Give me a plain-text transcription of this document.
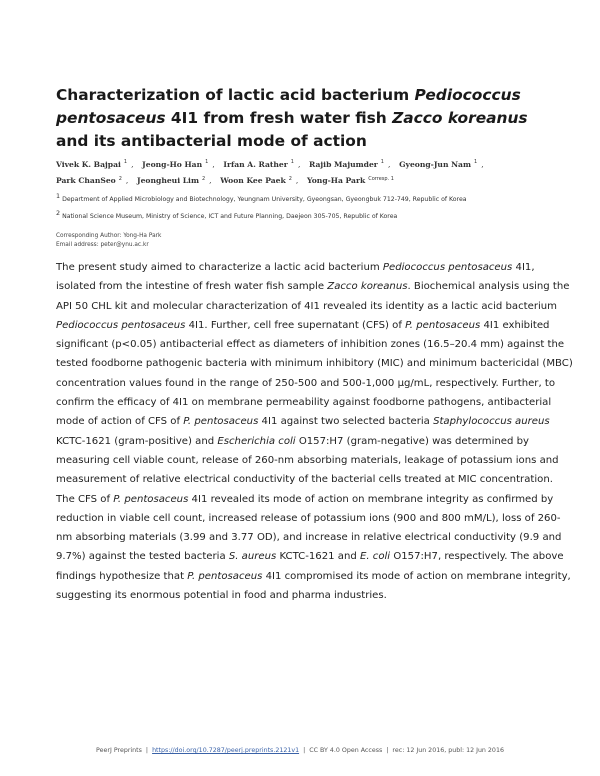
Characterization of lactic acid bacterium Pediococcus pentosaceus 4I1 from fresh water fish Zacco koreanus and its antibacterial mode of action
Vivek K. Bajpai $^1$ , Jeong-Ho Han $^1$ , Irfan A. Rather $^1$ , Rajib Majumder $^1$ , Gyeong-Jun Nam $^1$ , Park ChanSeo $^2$ , Jeongheui Lim $^2$ , Woon Kee Paek $^2$ , Yong-Ha Park $^{Corresp. 1}$
1 Department of Applied Microbiology and Biotechnology, Yeungnam University, Gyeongsan, Gyeongbuk 712-749, Republic of Korea
2 National Science Museum, Ministry of Science, ICT and Future Planning, Daejeon 305-705, Republic of Korea
Corresponding Author: Yong-Ha Park
Email address: peter@ynu.ac.kr

The present study aimed to characterize a lactic acid bacterium Pediococcus pentosaceus 4I1, isolated from the intestine of fresh water fish sample Zacco koreanus. Biochemical analysis using the API 50 CHL kit and molecular characterization of 4I1 revealed its identity as a lactic acid bacterium Pediococcus pentosaceus 4I1. Further, cell free supernatant (CFS) of P. pentosaceus 4I1 exhibited significant (p<0.05) antibacterial effect as diameters of inhibition zones (16.5–20.4 mm) against the tested foodborne pathogenic bacteria with minimum inhibitory (MIC) and minimum bactericidal (MBC) concentration values found in the range of 250-500 and 500-1,000 µg/mL, respectively. Further, to confirm the efficacy of 4I1 on membrane permeability against foodborne pathogens, antibacterial mode of action of CFS of P. pentosaceus 4I1 against two selected bacteria Staphylococcus aureus KCTC-1621 (gram-positive) and Escherichia coli O157:H7 (gram-negative) was determined by measuring cell viable count, release of 260-nm absorbing materials, leakage of potassium ions and measurement of relative electrical conductivity of the bacterial cells treated at MIC concentration. The CFS of P. pentosaceus 4I1 revealed its mode of action on membrane integrity as confirmed by reduction in viable cell count, increased release of potassium ions (900 and 800 mM/L), loss of 260-nm absorbing materials (3.99 and 3.77 OD), and increase in relative electrical conductivity (9.9 and 9.7%) against the tested bacteria S. aureus KCTC-1621 and E. coli O157:H7, respectively. The above findings hypothesize that P. pentosaceus 4I1 compromised its mode of action on membrane integrity, suggesting its enormous potential in food and pharma industries.

PeerJ Preprints | https://doi.org/10.7287/peerj.preprints.2121v1 | CC BY 4.0 Open Access | rec: 12 Jun 2016, publ: 12 Jun 2016
